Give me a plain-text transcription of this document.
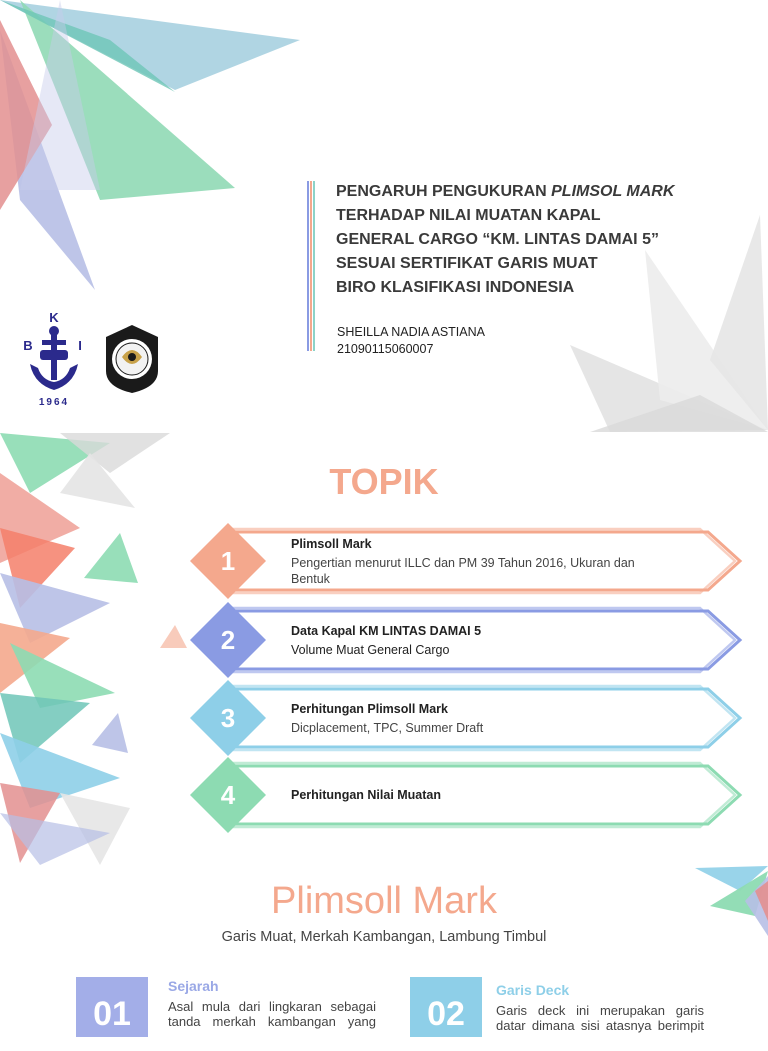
PENGARUH PENGUKURAN PLIMSOL MARK
TERHADAP NILAI MUATAN KAPAL
GENERAL CARGO “KM. LINTAS DAMAI 5”
SESUAI SERTIFIKAT GARIS MUAT
BIRO KLASIFIKASI INDONESIA
SHEILLA NADIA ASTIANA
21090115060007
K
B	I
1964
TOPIK
1
Plimsoll Mark
Pengertian menurut ILLC dan PM 39 Tahun 2016, Ukuran dan Bentuk
2	Data Kapal KM LINTAS DAMAI 5
Volume Muat General Cargo
3	Perhitungan Plimsoll Mark
Dicplacement, TPC, Summer Draft
4	Perhitungan Nilai Muatan
Plimsoll Mark
Garis Muat, Merkah Kambangan, Lambung Timbul
01
Sejarah
Asal mula dari lingkaran sebagai
tanda merkah kambangan yang	02
Garis Deck
Garis deck ini merupakan garis
datar dimana sisi atasnya berimpit
